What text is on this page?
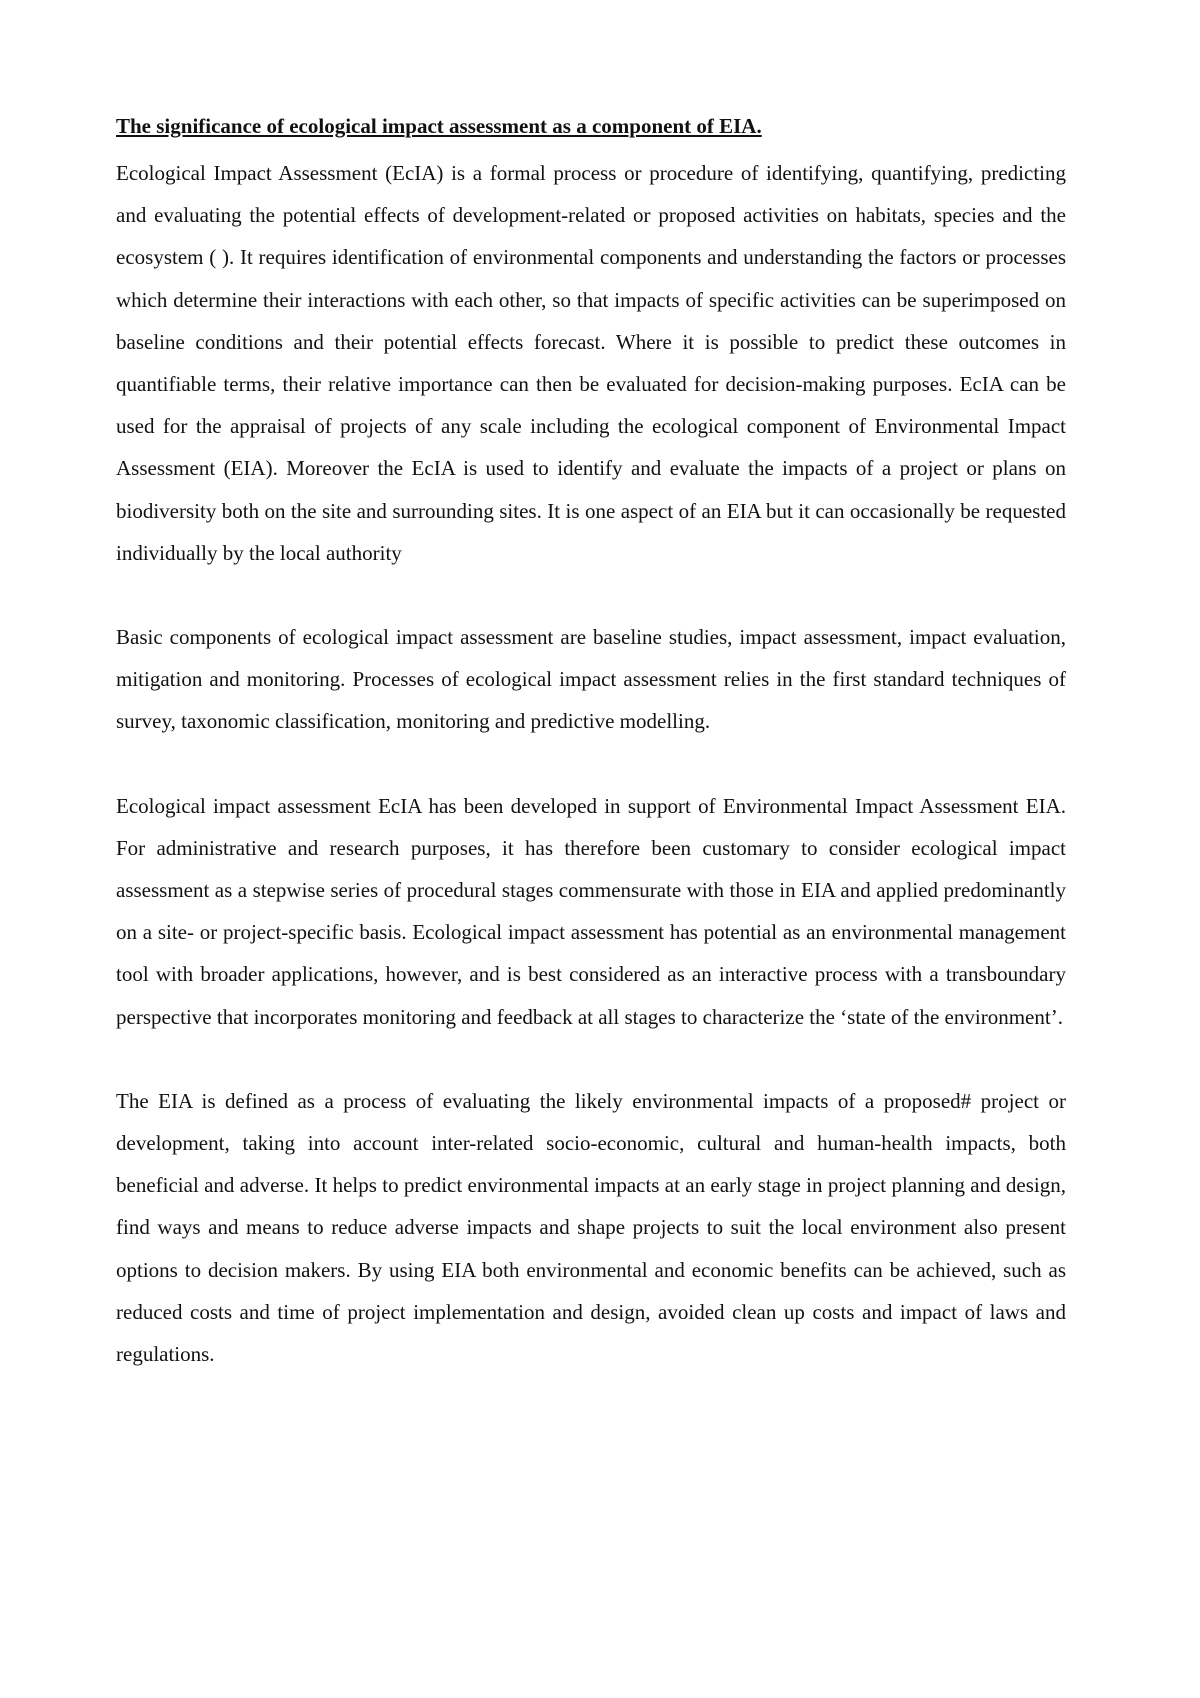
The significance of ecological impact assessment as a component of EIA.

Ecological Impact Assessment (EcIA) is a formal process or procedure of identifying, quantifying, predicting and evaluating the potential effects of development-related or proposed activities on habitats, species and the ecosystem ( ). It requires identification of environmental components and understanding the factors or processes which determine their interactions with each other, so that impacts of specific activities can be superimposed on baseline conditions and their potential effects forecast. Where it is possible to predict these outcomes in quantifiable terms, their relative importance can then be evaluated for decision-making purposes. EcIA can be used for the appraisal of projects of any scale including the ecological component of Environmental Impact Assessment (EIA). Moreover the EcIA is used to identify and evaluate the impacts of a project or plans on biodiversity both on the site and surrounding sites. It is one aspect of an EIA but it can occasionally be requested individually by the local authority

Basic components of ecological impact assessment are baseline studies, impact assessment, impact evaluation, mitigation and monitoring. Processes of ecological impact assessment relies in the first standard techniques of survey, taxonomic classification, monitoring and predictive modelling.

Ecological impact assessment EcIA has been developed in support of Environmental Impact Assessment EIA. For administrative and research purposes, it has therefore been customary to consider ecological impact assessment as a stepwise series of procedural stages commensurate with those in EIA and applied predominantly on a site- or project-specific basis. Ecological impact assessment has potential as an environmental management tool with broader applications, however, and is best considered as an interactive process with a transboundary perspective that incorporates monitoring and feedback at all stages to characterize the ‘state of the environment’.

The EIA is defined as a process of evaluating the likely environmental impacts of a proposed# project or development, taking into account inter-related socio-economic, cultural and human-health impacts, both beneficial and adverse. It helps to predict environmental impacts at an early stage in project planning and design, find ways and means to reduce adverse impacts and shape projects to suit the local environment also present options to decision makers. By using EIA both environmental and economic benefits can be achieved, such as reduced costs and time of project implementation and design, avoided clean up costs and impact of laws and regulations.
